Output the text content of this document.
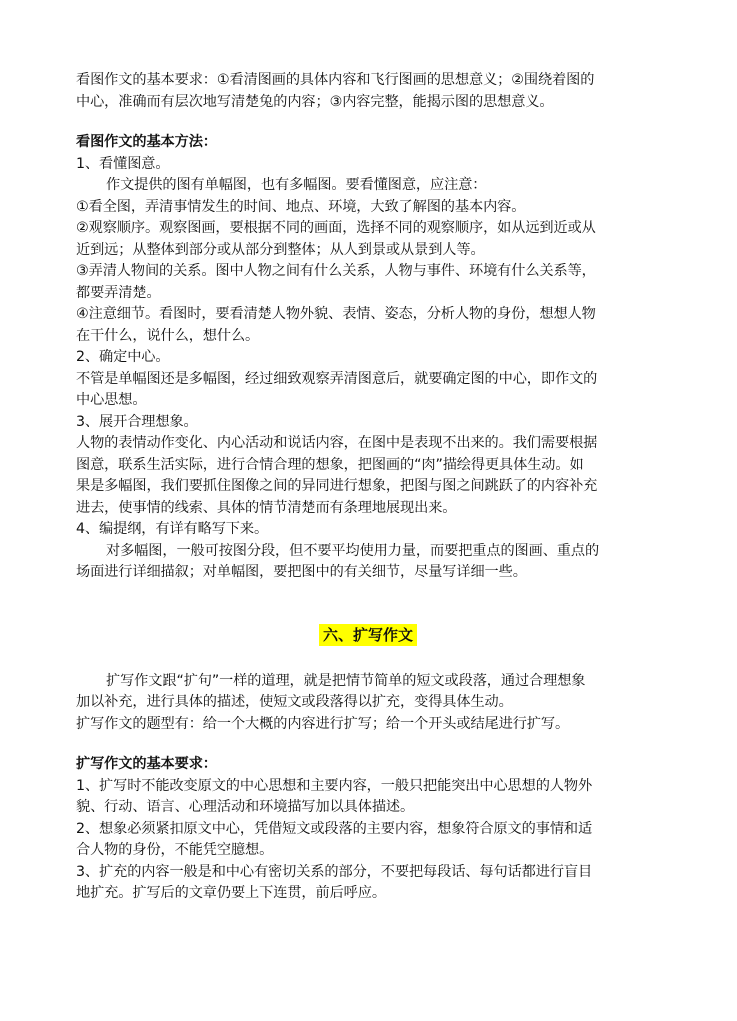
看图作文的基本要求：①看清图画的具体内容和飞行图画的思想意义；②围绕着图的
中心，准确而有层次地写清楚兔的内容；③内容完整，能揭示图的思想意义。
看图作文的基本方法：
1、看懂图意。
作文提供的图有单幅图，也有多幅图。要看懂图意，应注意：
①看全图，弄清事情发生的时间、地点、环境，大致了解图的基本内容。
②观察顺序。观察图画，要根据不同的画面，选择不同的观察顺序，如从远到近或从
近到远；从整体到部分或从部分到整体；从人到景或从景到人等。
③弄清人物间的关系。图中人物之间有什么关系，人物与事件、环境有什么关系等，
都要弄清楚。
④注意细节。看图时，要看清楚人物外貌、表情、姿态，分析人物的身份，想想人物
在干什么，说什么，想什么。
2、确定中心。
不管是单幅图还是多幅图，经过细致观察弄清图意后，就要确定图的中心，即作文的
中心思想。
3、展开合理想象。
人物的表情动作变化、内心活动和说话内容，在图中是表现不出来的。我们需要根据
图意，联系生活实际，进行合情合理的想象，把图画的“肉”描绘得更具体生动。如
果是多幅图，我们要抓住图像之间的异同进行想象，把图与图之间跳跃了的内容补充
进去，使事情的线索、具体的情节清楚而有条理地展现出来。
4、编提纲，有详有略写下来。
对多幅图，一般可按图分段，但不要平均使用力量，而要把重点的图画、重点的
场面进行详细描叙；对单幅图，要把图中的有关细节，尽量写详细一些。
六、扩写作文
扩写作文跟“扩句”一样的道理，就是把情节简单的短文或段落，通过合理想象
加以补充，进行具体的描述，使短文或段落得以扩充，变得具体生动。
扩写作文的题型有：给一个大概的内容进行扩写；给一个开头或结尾进行扩写。
扩写作文的基本要求：
1、扩写时不能改变原文的中心思想和主要内容，一般只把能突出中心思想的人物外
貌、行动、语言、心理活动和环境描写加以具体描述。
2、想象必须紧扣原文中心，凭借短文或段落的主要内容，想象符合原文的事情和适
合人物的身份，不能凭空臆想。
3、扩充的内容一般是和中心有密切关系的部分，不要把每段话、每句话都进行盲目
地扩充。扩写后的文章仍要上下连贯，前后呼应。
